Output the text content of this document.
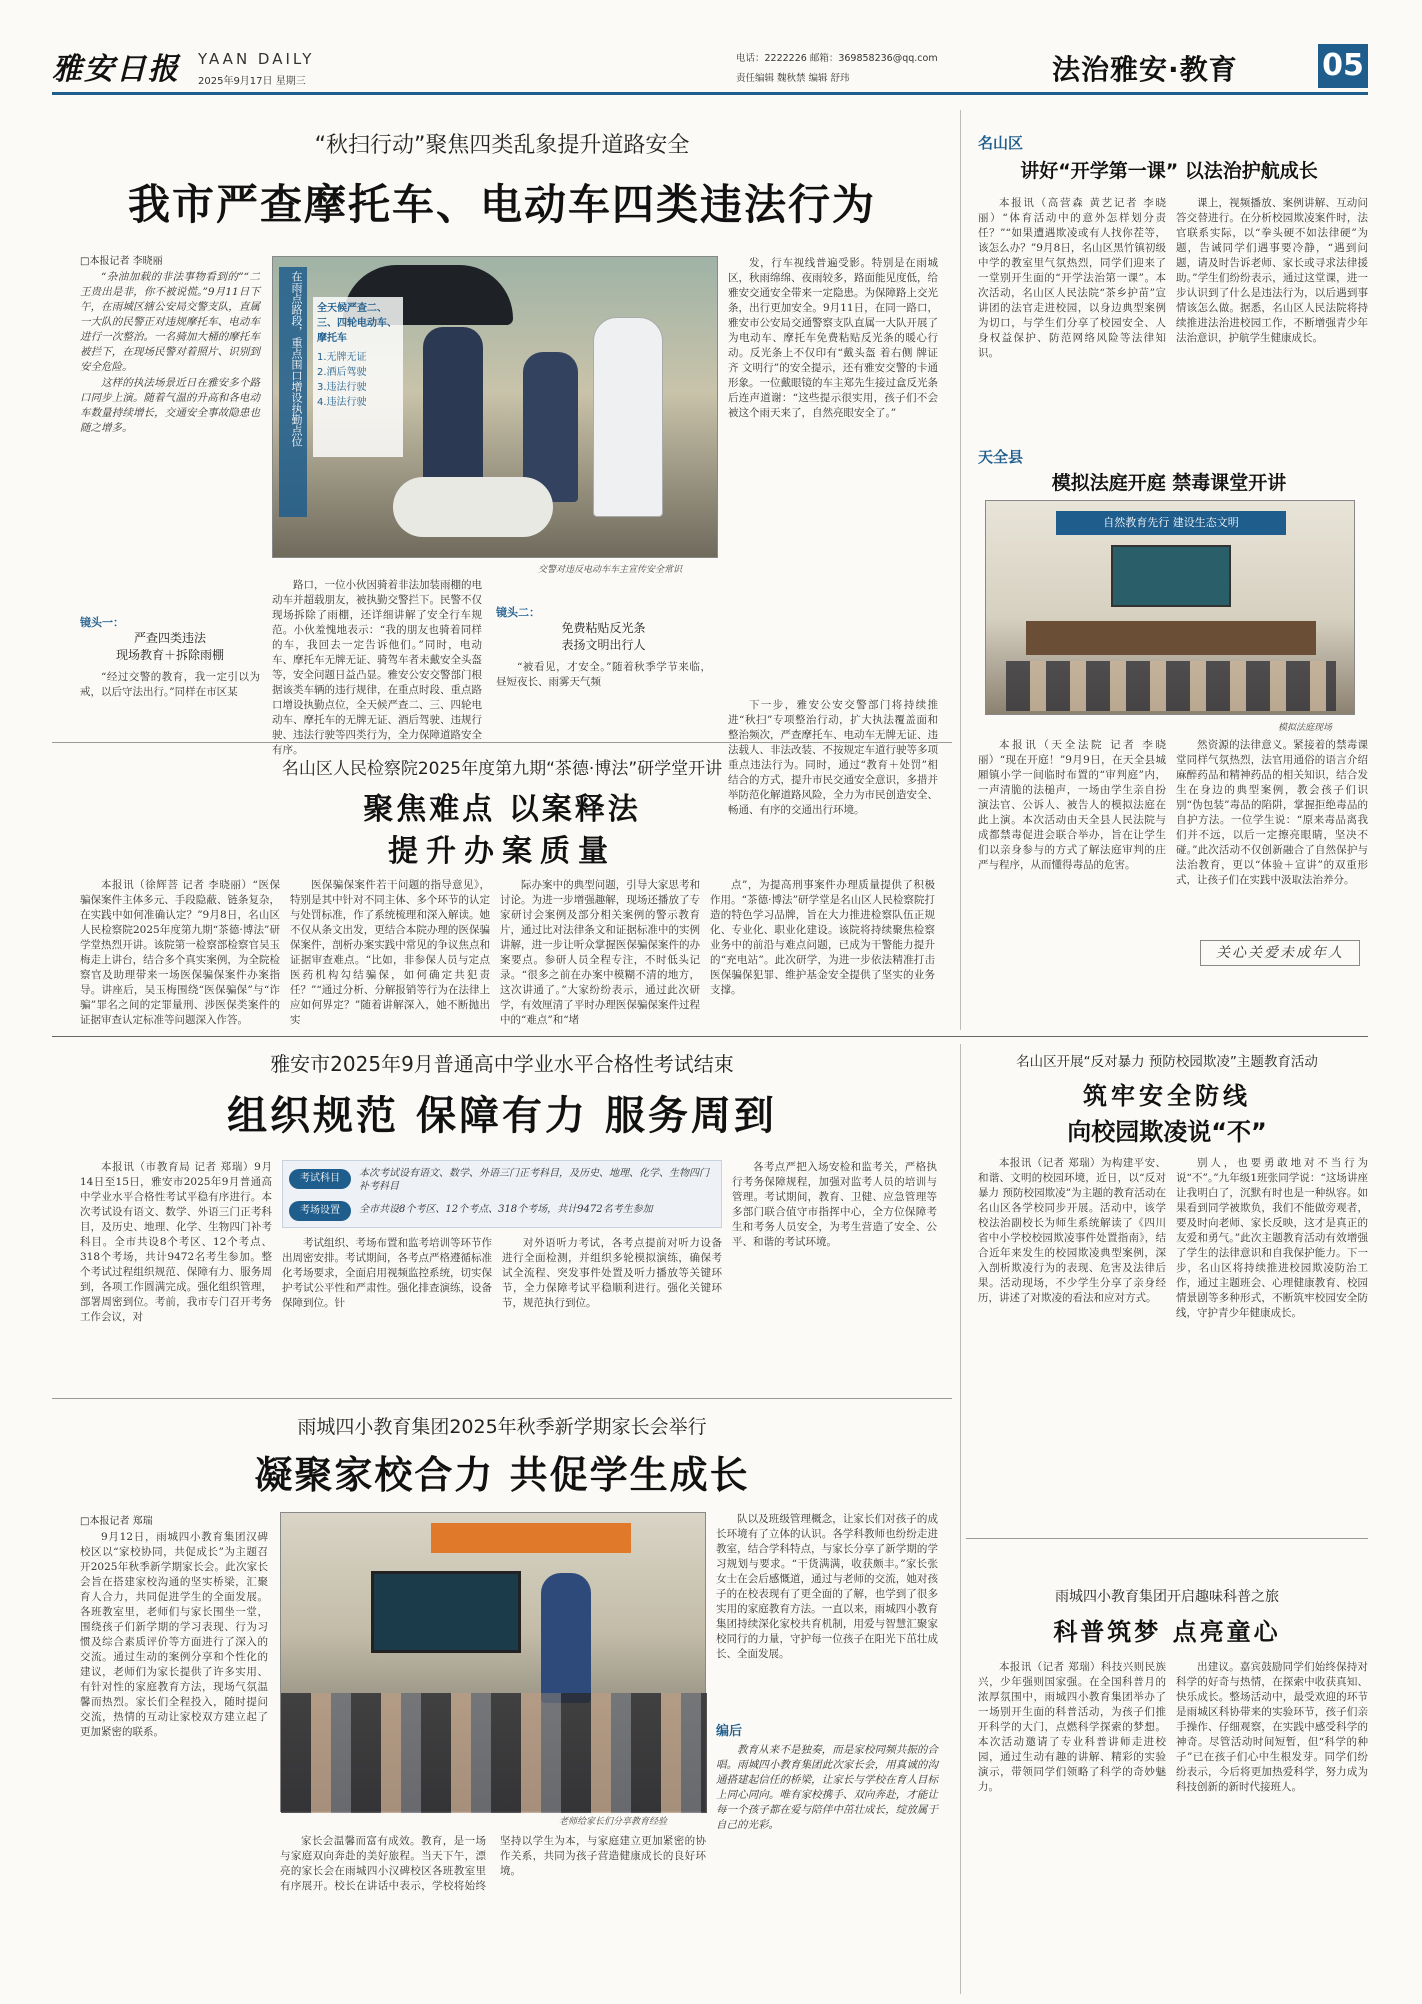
雅安日报 YAAN DAILY
2025年9月17日 星期三
电话：2222226 邮箱：369858236@qq.com
责任编辑 魏秋禁 编辑 舒玮	法治雅安·教育	05
“秋扫行动”聚焦四类乱象提升道路安全
我市严查摩托车、电动车四类违法行为
□本报记者 李晓丽

“杂油加载的非法事物看到的”“二王贵出是非，你不被说慌。”9月11日下午，在雨城区辖公安局交警支队，直属一大队的民警正对违规摩托车、电动车进行一次整治。一名骑加大桶的摩托车被拦下，在现场民警对着照片、识别到安全危险。

这样的执法场景近日在雅安多个路口同步上演。随着气温的升高和各电动车数量持续增长，交通安全事故隐患也随之增多。	在雨点路段，重点围口增设执勤点位	全天候严查二、三、四轮电动车、摩托车
1.无牌无证
2.酒后驾驶
3.违法行驶
4.违法行驶
交警对违反电动车车主宣传安全常识

发，行车视线普遍受影。特别是在雨城区，秋雨绵绵、夜雨较多，路面能见度低，给雅安交通安全带来一定隐患。为保障路上交光条，出行更加安全。9月11日，在同一路口，雅安市公安局交通警察支队直属一大队开展了为电动车、摩托车免费粘贴反光条的暖心行动。反光条上不仅印有“戴头盔 着右侧 牌证齐 文明行”的安全提示，还有雅安交警的卡通形象。一位戴眼镜的车主郑先生接过盒反光条后连声道谢：“这些提示很实用，孩子们不会被这个雨天来了，自然亮眼安全了。”

路口，一位小伙因骑着非法加装雨棚的电动车并超载朋友，被执勤交警拦下。民警不仅现场拆除了雨棚，还详细讲解了安全行车规范。小伙羞愧地表示：“我的朋友也骑着同样的车，我回去一定告诉他们。”同时，电动车、摩托车无牌无证、骑驾车者未戴安全头盔等，安全问题日益凸显。雅安公安交警部门根据该类车辆的违行规律，在重点时段、重点路口增设执勤点位，全天候严查二、三、四轮电动车、摩托车的无牌无证、酒后驾驶、违规行驶、违法行驶等四类行为，全力保障道路安全有序。

下一步，雅安公安交警部门将持续推进“秋扫”专项整治行动，扩大执法覆盖面和整治频次，严查摩托车、电动车无牌无证、违法载人、非法改装、不按规定车道行驶等多项重点违法行为。同时，通过“教育＋处罚”相结合的方式，提升市民交通安全意识，多措并举防范化解道路风险，全力为市民创造安全、畅通、有序的交通出行环境。

镜头一：
严查四类违法
现场教育＋拆除雨棚

“经过交警的教育，我一定引以为戒，以后守法出行。”同样在市区某

镜头二：
免费粘贴反光条
表扬文明出行人

“被看见，才安全。”随着秋季学节来临，昼短夜长、雨雾天气频

名山区人民检察院2025年度第九期“茶德·博法”研学堂开讲
聚焦难点 以案释法
提升办案质量

本报讯（徐辉菩 记者 李晓丽）“医保骗保案件主体多元、手段隐蔽、链条复杂，在实践中如何准确认定？”9月8日，名山区人民检察院2025年度第九期“茶德·博法”研学堂热烈开讲。该院第一检察部检察官吴玉梅走上讲台，结合多个真实案例，为全院检察官及助理带来一场医保骗保案件办案指导。讲座后，吴玉梅围绕“医保骗保”与“诈骗”罪名之间的定罪量刑、涉医保类案件的证据审查认定标准等问题深入作答。

医保骗保案件若干问题的指导意见》，特别是其中针对不同主体、多个环节的认定与处罚标准，作了系统梳理和深入解读。她不仅从条文出发，更结合本院办理的医保骗保案件，剖析办案实践中常见的争议焦点和证据审查难点。“比如，非参保人员与定点医药机构勾结骗保，如何确定共犯责任？”“通过分析、分解报销等行为在法律上应如何界定？”随着讲解深入，她不断抛出实

际办案中的典型问题，引导大家思考和讨论。为进一步增强趣解，现场还播放了专家研讨会案例及部分相关案例的警示教育片，通过比对法律条文和证据标准中的实例讲解，进一步让听众掌握医保骗保案件的办案要点。参研人员全程专注，不时低头记录。“很多之前在办案中模糊不清的地方，这次讲通了。”大家纷纷表示，通过此次研学，有效厘清了平时办理医保骗保案件过程中的“难点”和“堵

点”，为提高刑事案件办理质量提供了积极作用。“茶德·博法”研学堂是名山区人民检察院打造的特色学习品牌，旨在大力推进检察队伍正规化、专业化、职业化建设。该院将持续聚焦检察业务中的前沿与难点问题，已成为干警能力提升的“充电站”。此次研学，为进一步依法精准打击医保骗保犯罪、维护基金安全提供了坚实的业务支撑。

名山区
讲好“开学第一课” 以法治护航成长

本报讯（高营森 黄艺记者 李晓丽）“体育活动中的意外怎样划分责任？”“如果遭遇欺凌或有人找你茬等，该怎么办？”9月8日，名山区黑竹镇初级中学的教室里气氛热烈，同学们迎来了一堂别开生面的“开学法治第一课”。本次活动，名山区人民法院“茶乡护苗”宣讲团的法官走进校园，以身边典型案例为切口，与学生们分享了校园安全、人身权益保护、防范网络风险等法律知识。

课上，视频播放、案例讲解、互动问答交替进行。在分析校园欺凌案件时，法官联系实际，以“拳头硬不如法律硬”为题，告诫同学们遇事要冷静，“遇到问题，请及时告诉老师、家长或寻求法律援助。”学生们纷纷表示，通过这堂课，进一步认识到了什么是违法行为，以后遇到事情该怎么做。据悉，名山区人民法院将持续推进法治进校园工作，不断增强青少年法治意识，护航学生健康成长。

天全县
模拟法庭开庭 禁毒课堂开讲
自然教育先行 建设生态文明
模拟法庭现场

本报讯（天全法院 记者 李晓丽）“现在开庭！”9月9日，在天全县城厢镇小学一间临时布置的“审判庭”内，一声清脆的法槌声，一场由学生亲自扮演法官、公诉人、被告人的模拟法庭在此上演。本次活动由天全县人民法院与成都禁毒促进会联合举办，旨在让学生们以亲身参与的方式了解法庭审判的庄严与程序，从而懂得毒品的危害。

然资源的法律意义。紧接着的禁毒课堂同样气氛热烈，法官用通俗的语言介绍麻醉药品和精神药品的相关知识，结合发生在身边的典型案例，教会孩子们识别“伪包装”毒品的陷阱，掌握拒绝毒品的自护方法。一位学生说：“原来毒品离我们并不远，以后一定擦亮眼睛，坚决不碰。”此次活动不仅创新融合了自然保护与法治教育，更以“体验＋宣讲”的双重形式，让孩子们在实践中汲取法治养分。

关心关爱未成年人
雅安市2025年9月普通高中学业水平合格性考试结束
组织规范 保障有力 服务周到

本报讯（市教育局 记者 郑瑞）9月14日至15日，雅安市2025年9月普通高中学业水平合格性考试平稳有序进行。本次考试设有语文、数学、外语三门正考科目，及历史、地理、化学、生物四门补考科目。全市共设8个考区、12个考点、318个考场，共计9472名考生参加。整个考试过程组织规范、保障有力、服务周到，各项工作圆满完成。强化组织管理，部署周密到位。考前，我市专门召开考务工作会议，对

考试科目	本次考试设有语文、数学、外语三门正考科目，及历史、地理、化学、生物四门补考科目
考场设置	全市共设8个考区、12个考点、318个考场，共计9472名考生参加

考试组织、考场布置和监考培训等环节作出周密安排。考试期间，各考点严格遵循标准化考场要求，全面启用视频监控系统，切实保护考试公平性和严肃性。强化排查演练，设备保障到位。针

对外语听力考试，各考点提前对听力设备进行全面检测，并组织多轮模拟演练，确保考试全流程、突发事件处置及听力播放等关键环节，全力保障考试平稳顺利进行。强化关键环节，规范执行到位。

各考点严把入场安检和监考关，严格执行考务保障规程，加强对监考人员的培训与管理。考试期间，教育、卫健、应急管理等多部门联合值守市指挥中心，全方位保障考生和考务人员安全，为考生营造了安全、公平、和谐的考试环境。

名山区开展“反对暴力 预防校园欺凌”主题教育活动
筑牢安全防线
向校园欺凌说“不”

本报讯（记者 郑瑞）为构建平安、和谐、文明的校园环境，近日，以“反对暴力 预防校园欺凌”为主题的教育活动在名山区各学校同步开展。活动中，该学校法治副校长为师生系统解读了《四川省中小学校校园欺凌事件处置指南》，结合近年来发生的校园欺凌典型案例，深入剖析欺凌行为的表现、危害及法律后果。活动现场，不少学生分享了亲身经历，讲述了对欺凌的看法和应对方式。

别人，也要勇敢地对不当行为说“不”。”九年级1班张同学说：“这场讲座让我明白了，沉默有时也是一种纵容。如果看到同学被欺负，我们不能做旁观者，要及时向老师、家长反映，这才是真正的友爱和勇气。”此次主题教育活动有效增强了学生的法律意识和自我保护能力。下一步，名山区将持续推进校园欺凌防治工作，通过主题班会、心理健康教育、校园情景剧等多种形式，不断筑牢校园安全防线，守护青少年健康成长。

雨城四小教育集团开启趣味科普之旅
科普筑梦 点亮童心

本报讯（记者 郑瑞）科技兴则民族兴，少年强则国家强。在全国科普月的浓厚氛围中，雨城四小教育集团举办了一场别开生面的科普活动，为孩子们推开科学的大门，点燃科学探索的梦想。本次活动邀请了专业科普讲师走进校园，通过生动有趣的讲解、精彩的实验演示，带领同学们领略了科学的奇妙魅力。

出建议。嘉宾鼓励同学们始终保持对科学的好奇与热情，在探索中收获真知、快乐成长。整场活动中，最受欢迎的环节是雨城区科协带来的实验环节，孩子们亲手操作、仔细观察，在实践中感受科学的神奇。尽管活动时间短暂，但“科学的种子”已在孩子们心中生根发芽。同学们纷纷表示，今后将更加热爱科学，努力成为科技创新的新时代接班人。

雨城四小教育集团2025年秋季新学期家长会举行
凝聚家校合力 共促学生成长
□本报记者 郑瑞

9月12日，雨城四小教育集团汉碑校区以“家校协同，共促成长”为主题召开2025年秋季新学期家长会。此次家长会旨在搭建家校沟通的坚实桥梁，汇聚育人合力，共同促进学生的全面发展。各班教室里，老师们与家长围坐一堂，围绕孩子们新学期的学习表现、行为习惯及综合素质评价等方面进行了深入的交流。通过生动的案例分享和个性化的建议，老师们为家长提供了许多实用、有针对性的家庭教育方法，现场气氛温馨而热烈。家长们全程投入，随时提问交流，热情的互动让家校双方建立起了更加紧密的联系。

老师给家长们分享教育经验

队以及班级管理概念，让家长们对孩子的成长环境有了立体的认识。各学科教师也纷纷走进教室，结合学科特点，与家长分享了新学期的学习规划与要求。“干货满满，收获颇丰。”家长张女士在会后感慨道，通过与老师的交流，她对孩子的在校表现有了更全面的了解，也学到了很多实用的家庭教育方法。一直以来，雨城四小教育集团持续深化家校共育机制，用爱与智慧汇聚家校同行的力量，守护每一位孩子在阳光下茁壮成长、全面发展。

编后

教育从来不是独奏，而是家校同频共振的合唱。雨城四小教育集团此次家长会，用真诚的沟通搭建起信任的桥梁，让家长与学校在育人目标上同心同向。唯有家校携手、双向奔赴，才能让每一个孩子都在爱与陪伴中茁壮成长，绽放属于自己的光彩。

家长会温馨而富有成效。教育，是一场与家庭双向奔赴的美好旅程。当天下午，漂亮的家长会在雨城四小汉碑校区各班教室里有序展开。校长在讲话中表示，学校将始终坚持以学生为本，与家庭建立更加紧密的协作关系，共同为孩子营造健康成长的良好环境。
